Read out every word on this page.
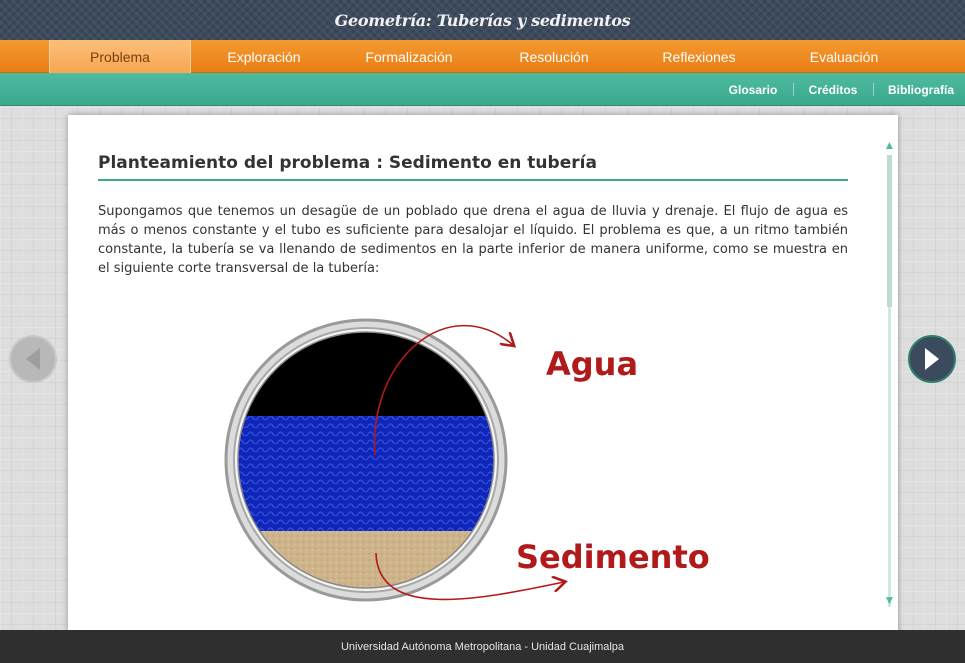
Geometría: Tuberías y sedimentos
Problema	Exploración	Formalización	Resolución	Reflexiones	Evaluación
Glosario	Créditos	Bibliografía
Planteamiento del problema : Sedimento en tubería

Supongamos que tenemos un desagüe de un poblado que drena el agua de lluvia y drenaje. El flujo de agua es más o menos constante y el tubo es suficiente para desalojar el líquido. El problema es que, a un ritmo también constante, la tubería se va llenando de sedimentos en la parte inferior de manera uniforme, como se muestra en el siguiente corte transversal de la tubería:

▲
▼
Agua
Sedimento
Universidad Autónoma Metropolitana - Unidad Cuajimalpa
